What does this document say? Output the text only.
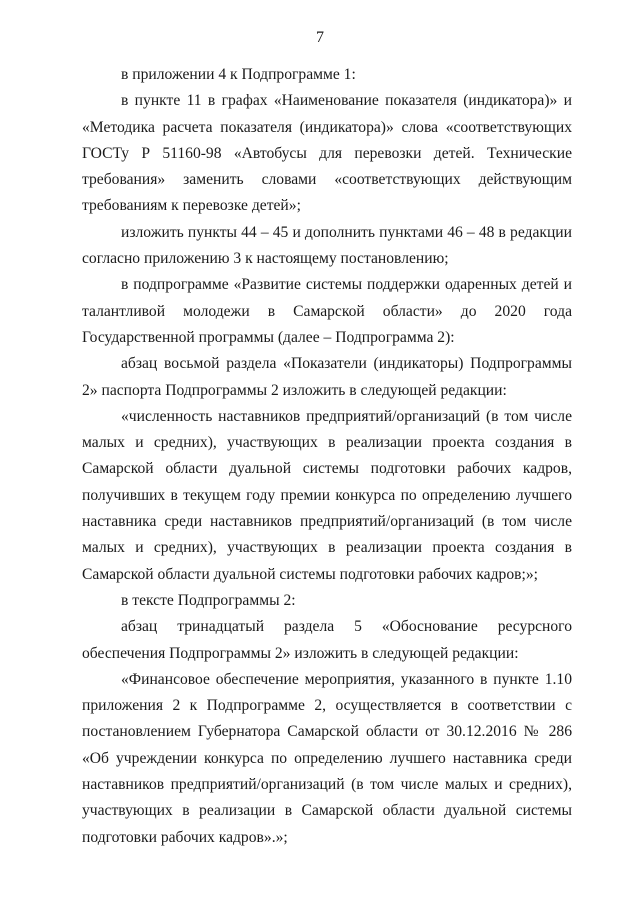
7

в приложении 4 к Подпрограмме 1:

в пункте 11 в графах «Наименование показателя (индикатора)» и «Методика расчета показателя (индикатора)» слова «соответствующих ГОСТу Р 51160-98 «Автобусы для перевозки детей. Технические требования» заменить словами «соответствующих действующим требованиям к перевозке детей»;

изложить пункты 44 – 45 и дополнить пунктами 46 – 48 в редакции согласно приложению 3 к настоящему постановлению;

в подпрограмме «Развитие системы поддержки одаренных детей и талантливой молодежи в Самарской области» до 2020 года Государственной программы (далее – Подпрограмма 2):

абзац восьмой раздела «Показатели (индикаторы) Подпрограммы 2» паспорта Подпрограммы 2 изложить в следующей редакции:

«численность наставников предприятий/организаций (в том числе малых и средних), участвующих в реализации проекта создания в Самарской области дуальной системы подготовки рабочих кадров, получивших в текущем году премии конкурса по определению лучшего наставника среди наставников предприятий/организаций (в том числе малых и средних), участвующих в реализации проекта создания в Самарской области дуальной системы подготовки рабочих кадров;»;

в тексте Подпрограммы 2:

абзац тринадцатый раздела 5 «Обоснование ресурсного обеспечения Подпрограммы 2» изложить в следующей редакции:

«Финансовое обеспечение мероприятия, указанного в пункте 1.10 приложения 2 к Подпрограмме 2, осуществляется в соответствии с постановлением Губернатора Самарской области от 30.12.2016 № 286 «Об учреждении конкурса по определению лучшего наставника среди наставников предприятий/организаций (в том числе малых и средних), участвующих в реализации в Самарской области дуальной системы подготовки рабочих кадров».»;
